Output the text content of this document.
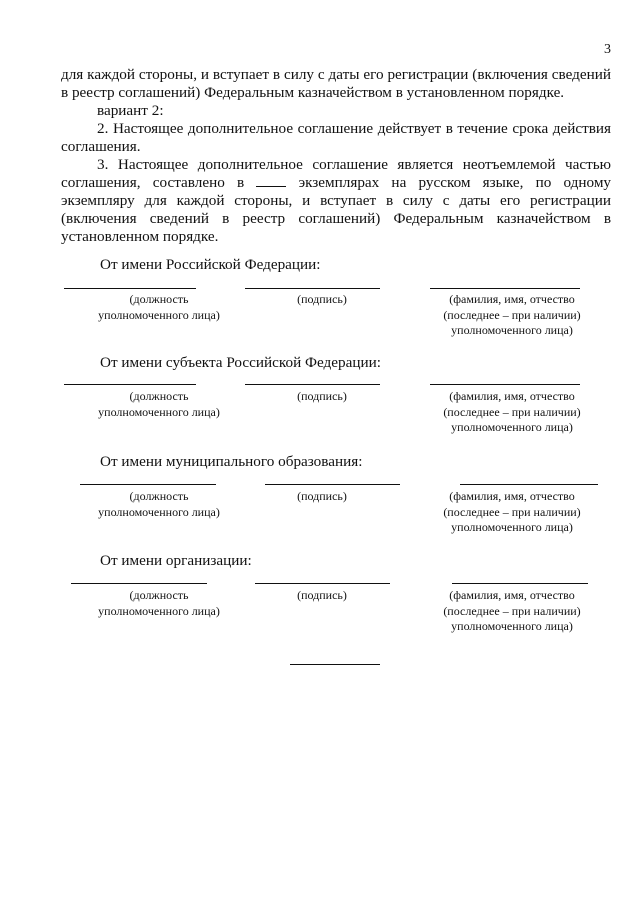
3

для каждой стороны, и вступает в силу с даты его регистрации (включения сведений в реестр соглашений) Федеральным казначейством в установленном порядке.

вариант 2:

2. Настоящее дополнительное соглашение действует в течение срока действия соглашения.

3. Настоящее дополнительное соглашение является неотъемлемой частью соглашения, составлено в	экземплярах на русском языке, по одному экземпляру для каждой стороны, и вступает в силу с даты его регистрации (включения сведений в реестр соглашений) Федеральным казначейством в установленном порядке.

От имени Российской Федерации:
(должность
уполномоченного лица)
(подпись)	(фамилия, имя, отчество
(последнее – при наличии)
уполномоченного лица)
От имени субъекта Российской Федерации:
(должность
уполномоченного лица)
(подпись)	(фамилия, имя, отчество
(последнее – при наличии)
уполномоченного лица)
От имени муниципального образования:
(должность
уполномоченного лица)
(подпись)	(фамилия, имя, отчество
(последнее – при наличии)
уполномоченного лица)
От имени организации:
(должность
уполномоченного лица)
(подпись)	(фамилия, имя, отчество
(последнее – при наличии)
уполномоченного лица)
